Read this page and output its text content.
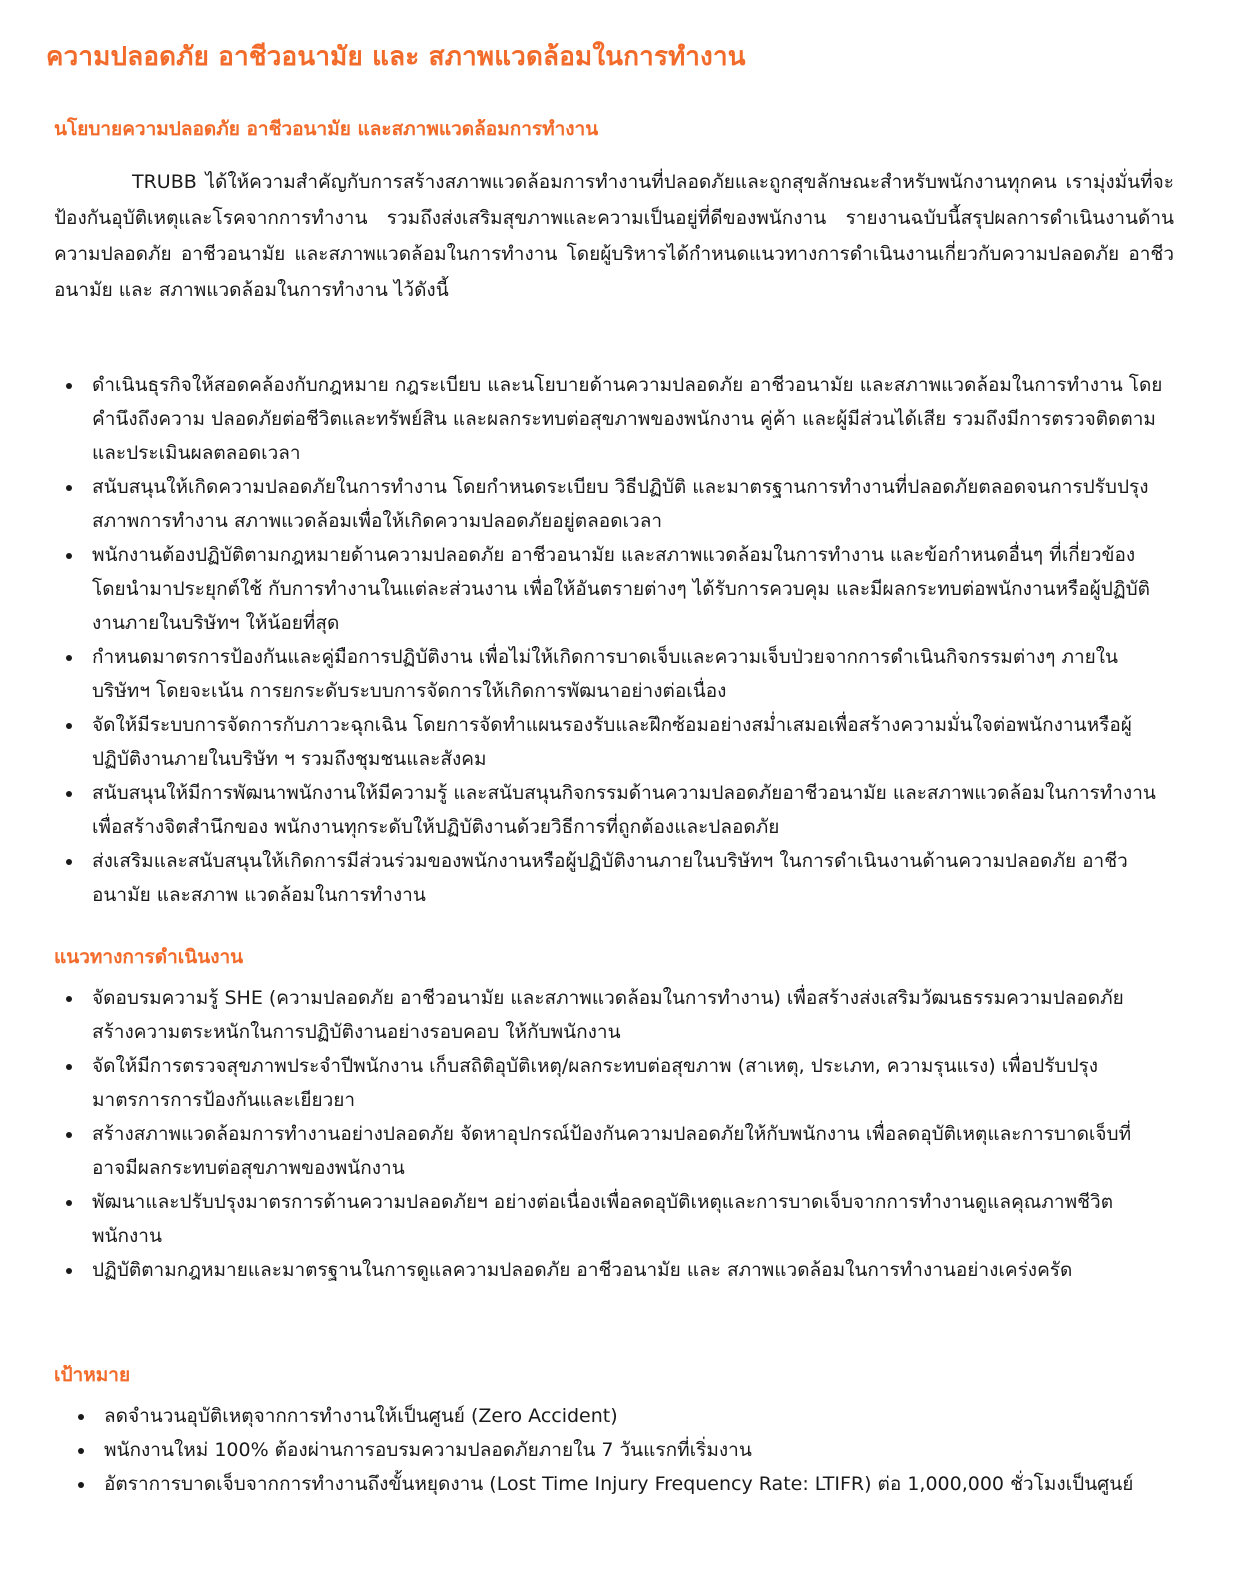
ความปลอดภัย อาชีวอนามัย และ สภาพแวดล้อมในการทำงาน
นโยบายความปลอดภัย อาชีวอนามัย และสภาพแวดล้อมการทำงาน

TRUBB ได้ให้ความสำคัญกับการสร้างสภาพแวดล้อมการทำงานที่ปลอดภัยและถูกสุขลักษณะสำหรับพนักงานทุกคน เรามุ่งมั่นที่จะป้องกันอุบัติเหตุและโรคจากการทำงาน รวมถึงส่งเสริมสุขภาพและความเป็นอยู่ที่ดีของพนักงาน รายงานฉบับนี้สรุปผลการดำเนินงานด้านความปลอดภัย อาชีวอนามัย และสภาพแวดล้อมในการทำงาน โดยผู้บริหารได้กำหนดแนวทางการดำเนินงานเกี่ยวกับความปลอดภัย อาชีวอนามัย และ สภาพแวดล้อมในการทำงาน ไว้ดังนี้

ดำเนินธุรกิจให้สอดคล้องกับกฎหมาย กฎระเบียบ และนโยบายด้านความปลอดภัย อาชีวอนามัย และสภาพแวดล้อมในการทำงาน โดยคำนึงถึงความ ปลอดภัยต่อชีวิตและทรัพย์สิน และผลกระทบต่อสุขภาพของพนักงาน คู่ค้า และผู้มีส่วนได้เสีย รวมถึงมีการตรวจติดตามและประเมินผลตลอดเวลา
สนับสนุนให้เกิดความปลอดภัยในการทำงาน โดยกำหนดระเบียบ วิธีปฏิบัติ และมาตรฐานการทำงานที่ปลอดภัยตลอดจนการปรับปรุงสภาพการทำงาน สภาพแวดล้อมเพื่อให้เกิดความปลอดภัยอยู่ตลอดเวลา
พนักงานต้องปฏิบัติตามกฎหมายด้านความปลอดภัย อาชีวอนามัย และสภาพแวดล้อมในการทำงาน และข้อกำหนดอื่นๆ ที่เกี่ยวข้อง โดยนำมาประยุกต์ใช้ กับการทำงานในแต่ละส่วนงาน เพื่อให้อันตรายต่างๆ ได้รับการควบคุม และมีผลกระทบต่อพนักงานหรือผู้ปฏิบัติงานภายในบริษัทฯ ให้น้อยที่สุด
กำหนดมาตรการป้องกันและคู่มือการปฏิบัติงาน เพื่อไม่ให้เกิดการบาดเจ็บและความเจ็บป่วยจากการดำเนินกิจกรรมต่างๆ ภายในบริษัทฯ โดยจะเน้น การยกระดับระบบการจัดการให้เกิดการพัฒนาอย่างต่อเนื่อง
จัดให้มีระบบการจัดการกับภาวะฉุกเฉิน โดยการจัดทำแผนรองรับและฝึกซ้อมอย่างสม่ำเสมอเพื่อสร้างความมั่นใจต่อพนักงานหรือผู้ปฏิบัติงานภายในบริษัท ฯ รวมถึงชุมชนและสังคม
สนับสนุนให้มีการพัฒนาพนักงานให้มีความรู้ และสนับสนุนกิจกรรมด้านความปลอดภัยอาชีวอนามัย และสภาพแวดล้อมในการทำงานเพื่อสร้างจิตสำนึกของ พนักงานทุกระดับให้ปฏิบัติงานด้วยวิธีการที่ถูกต้องและปลอดภัย
ส่งเสริมและสนับสนุนให้เกิดการมีส่วนร่วมของพนักงานหรือผู้ปฏิบัติงานภายในบริษัทฯ ในการดำเนินงานด้านความปลอดภัย อาชีวอนามัย และสภาพ แวดล้อมในการทำงาน
แนวทางการดำเนินงาน
จัดอบรมความรู้ SHE (ความปลอดภัย อาชีวอนามัย และสภาพแวดล้อมในการทำงาน) เพื่อสร้างส่งเสริมวัฒนธรรมความปลอดภัย สร้างความตระหนักในการปฏิบัติงานอย่างรอบคอบ ให้กับพนักงาน
จัดให้มีการตรวจสุขภาพประจำปีพนักงาน เก็บสถิติอุบัติเหตุ/ผลกระทบต่อสุขภาพ (สาเหตุ, ประเภท, ความรุนแรง) เพื่อปรับปรุงมาตรการการป้องกันและเยียวยา
สร้างสภาพแวดล้อมการทำงานอย่างปลอดภัย จัดหาอุปกรณ์ป้องกันความปลอดภัยให้กับพนักงาน เพื่อลดอุบัติเหตุและการบาดเจ็บที่อาจมีผลกระทบต่อสุขภาพของพนักงาน
พัฒนาและปรับปรุงมาตรการด้านความปลอดภัยฯ อย่างต่อเนื่องเพื่อลดอุบัติเหตุและการบาดเจ็บจากการทำงานดูแลคุณภาพชีวิตพนักงาน
ปฏิบัติตามกฎหมายและมาตรฐานในการดูแลความปลอดภัย อาชีวอนามัย และ สภาพแวดล้อมในการทำงานอย่างเคร่งครัด
เป้าหมาย
ลดจำนวนอุบัติเหตุจากการทำงานให้เป็นศูนย์ (Zero Accident)
พนักงานใหม่ 100% ต้องผ่านการอบรมความปลอดภัยภายใน 7 วันแรกที่เริ่มงาน
อัตราการบาดเจ็บจากการทำงานถึงขั้นหยุดงาน (Lost Time Injury Frequency Rate: LTIFR) ต่อ 1,000,000 ชั่วโมงเป็นศูนย์
